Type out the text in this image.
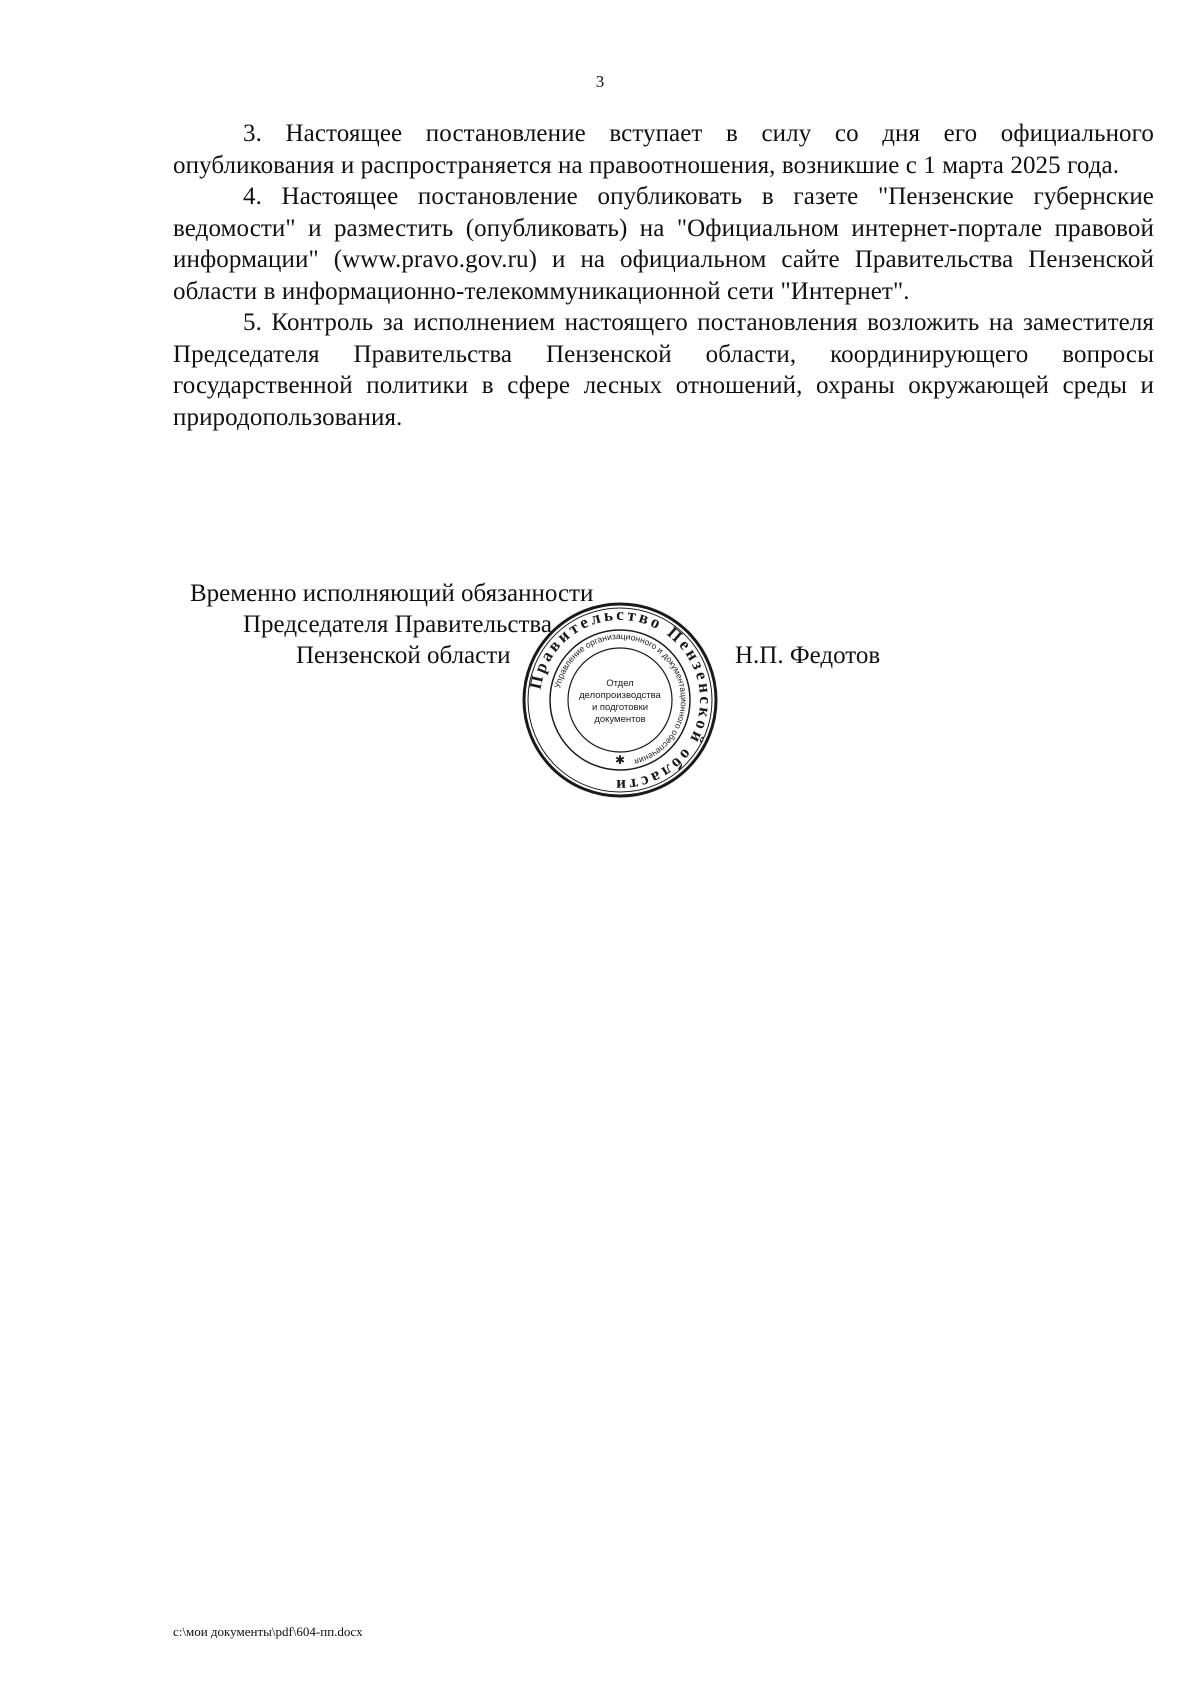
3

3. Настоящее постановление вступает в силу со дня его официального опубликования и распространяется на правоотношения, возникшие с 1 марта 2025 года.

4. Настоящее постановление опубликовать в газете "Пензенские губернские ведомости" и разместить (опубликовать) на "Официальном интернет-портале правовой информации" (www.pravo.gov.ru) и на официальном сайте Правительства Пензенской области в информационно-телекоммуникационной сети "Интернет".

5. Контроль за исполнением настоящего постановления возложить на заместителя Председателя Правительства Пензенской области, координирующего вопросы государственной политики в сфере лесных отношений, охраны окружающей среды и природопользования.

Временно исполняющий обязанности
Председателя Правительства
Пензенской области	Н.П. Федотов
Правительство Пензенской области
Управление организационного и документационного обеспечения
Отдел
делопроизводства
и подготовки
документов
✱
c:\мои документы\pdf\604-пп.docx
